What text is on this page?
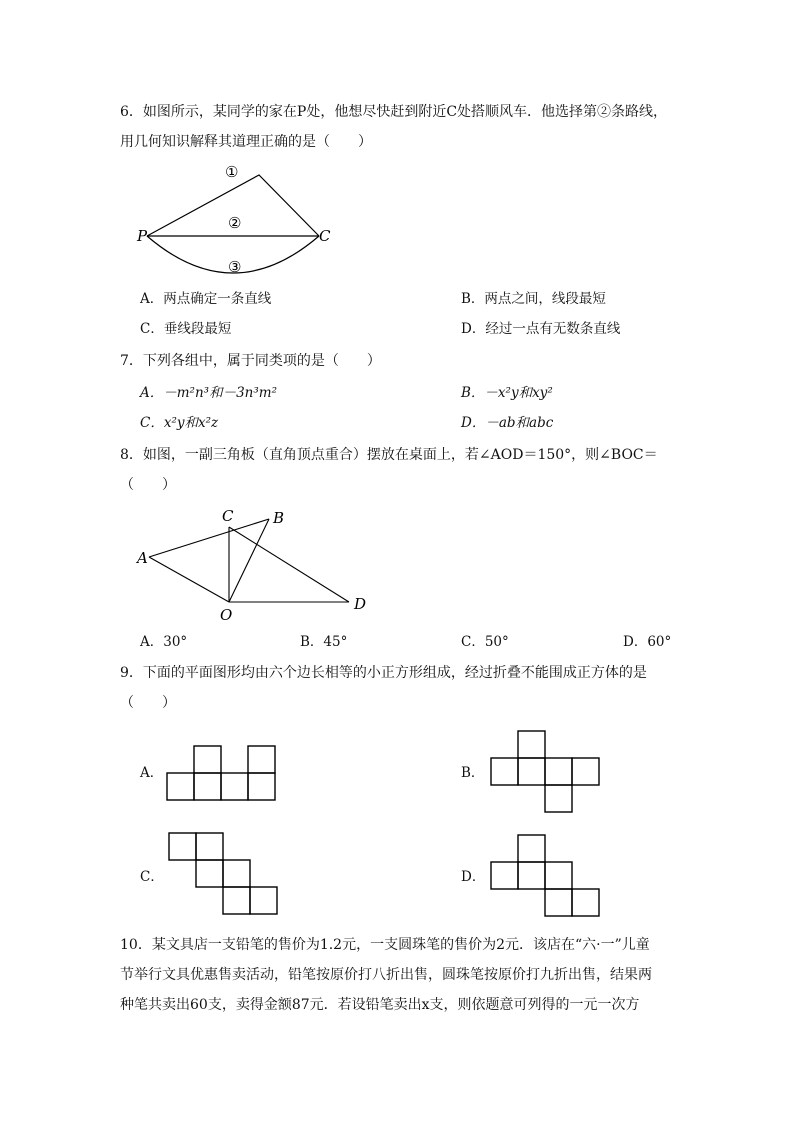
6．如图所示，某同学的家在P处，他想尽快赶到附近C处搭顺风车．他选择第②条路线，
用几何知识解释其道理正确的是（　　）
①
②
③
P	C
A．两点确定一条直线	B．两点之间，线段最短
C．垂线段最短	D．经过一点有无数条直线
7．下列各组中，属于同类项的是（　　）
A．－m²n³和－3n³m²	B．－x²y和xy²
C．x²y和x²z	D．－ab和abc
8．如图，一副三角板（直角顶点重合）摆放在桌面上，若∠AOD＝150°，则∠BOC＝
（　　）
A
B
C
O
D
A．30°	B．45°	C．50°	D．60°
9．下面的平面图形均由六个边长相等的小正方形组成，经过折叠不能围成正方体的是
（　　）
A．	B．
C．	D．
10．某文具店一支铅笔的售价为1.2元，一支圆珠笔的售价为2元．该店在“六·一”儿童
节举行文具优惠售卖活动，铅笔按原价打八折出售，圆珠笔按原价打九折出售，结果两
种笔共卖出60支，卖得金额87元．若设铅笔卖出x支，则依题意可列得的一元一次方
